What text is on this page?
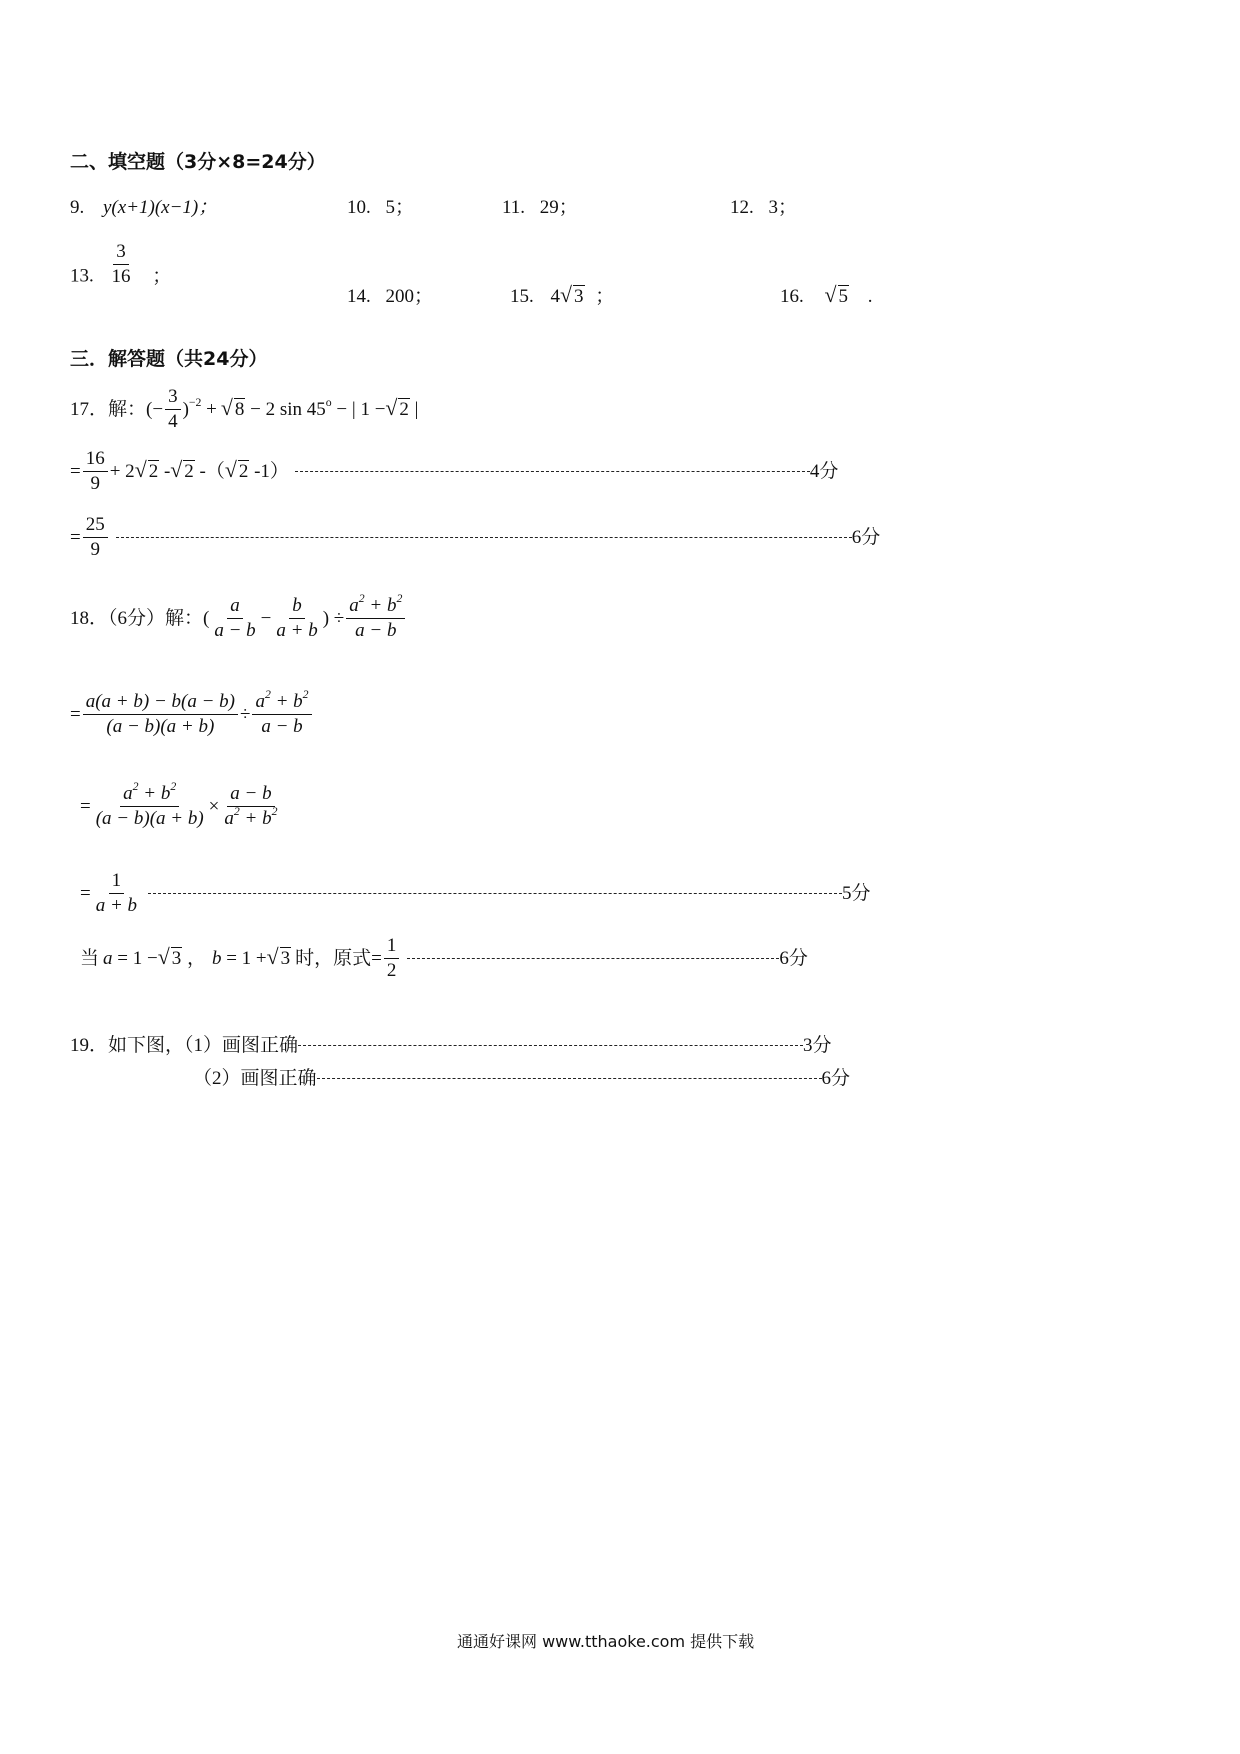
二、填空题（3分×8=24分）
9. y(x+1)(x−1)；	10. 5；	11. 29；	12. 3；
13. $\frac{3}{16}$ ；
14. 200；	15. 4 √ 3 ；	16. √ 5 .
三．解答题（共24分）
17．解： (− $\frac{3}{4} )^{-2}$ + √ 8 − 2 $\sin 45^o$ − | 1 − √ 2 |
= $\frac{16}{9} + 2$ √ 2 - √ 2 -（ √ 2 -1）	4分
= $\frac{25}{9}$	6分
18．（6分）解： ( $\frac{a}{a - b} - \frac{b}{a + b}$ ) ÷ $\frac{a^2 + b^2}{a - b}$
= $\frac{a(a + b) - b(a - b)}{(a - b)(a + b)} \div \frac{a^2 + b^2}{a - b}$
= $\frac{a^2 + b^2}{(a - b)(a + b)} \times \frac{a - b}{a^2 + b^2}$
= $\frac{1}{a + b}$	5分
当 a = 1 − √ 3 ， b = 1 + √ 3 时，原式= $\frac{1}{2}$	6分
19．如下图，（1）画图正确	3分
（2）画图正确	6分
通通好课网 www.tthaoke.com 提供下载
